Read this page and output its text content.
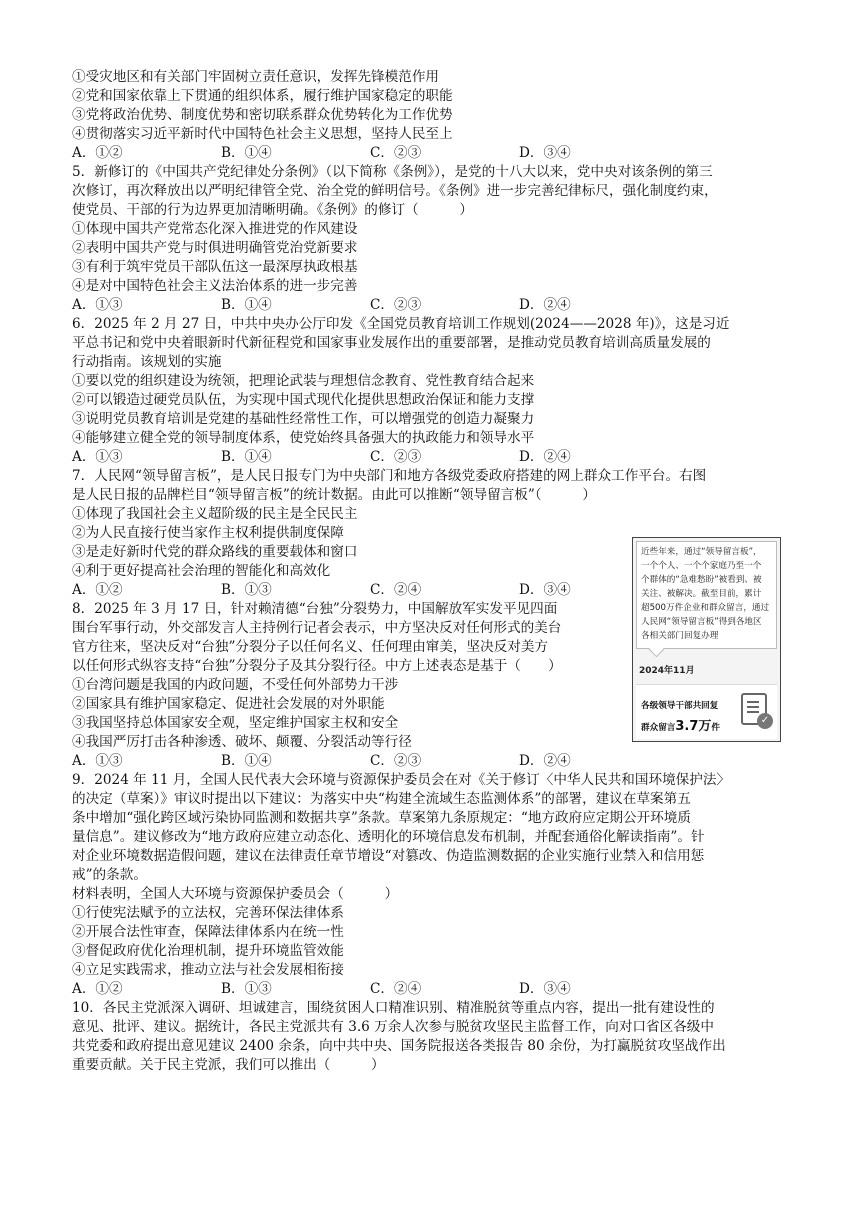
①受灾地区和有关部门牢固树立责任意识，发挥先锋模范作用
②党和国家依靠上下贯通的组织体系，履行维护国家稳定的职能
③党将政治优势、制度优势和密切联系群众优势转化为工作优势
④贯彻落实习近平新时代中国特色社会主义思想，坚持人民至上
A．①②	B．①④	C．②③	D．③④
5．新修订的《中国共产党纪律处分条例》（以下简称《条例》），是党的十八大以来，党中央对该条例的第三
次修订，再次释放出以严明纪律管全党、治全党的鲜明信号。《条例》进一步完善纪律标尺，强化制度约束，
使党员、干部的行为边界更加清晰明确。《条例》的修订（　　　）
①体现中国共产党常态化深入推进党的作风建设
②表明中国共产党与时俱进明确管党治党新要求
③有利于筑牢党员干部队伍这一最深厚执政根基
④是对中国特色社会主义法治体系的进一步完善
A．①③	B．①④	C．②③	D．②④
6．2025 年 2 月 27 日，中共中央办公厅印发《全国党员教育培训工作规划(2024——2028 年)》，这是习近
平总书记和党中央着眼新时代新征程党和国家事业发展作出的重要部署，是推动党员教育培训高质量发展的
行动指南。该规划的实施
①要以党的组织建设为统领，把理论武装与理想信念教育、党性教育结合起来
②可以锻造过硬党员队伍，为实现中国式现代化提供思想政治保证和能力支撑
③说明党员教育培训是党建的基础性经常性工作，可以增强党的创造力凝聚力
④能够建立健全党的领导制度体系，使党始终具备强大的执政能力和领导水平
A．①③	B．①④	C．②③	D．②④
7．人民网“领导留言板”，是人民日报专门为中央部门和地方各级党委政府搭建的网上群众工作平台。右图
是人民日报的品牌栏目“领导留言板”的统计数据。由此可以推断“领导留言板”（　　　）
①体现了我国社会主义超阶级的民主是全民民主
②为人民直接行使当家作主权利提供制度保障
③是走好新时代党的群众路线的重要载体和窗口
④利于更好提高社会治理的智能化和高效化
A．①②	B．①③	C．②④	D．③④
8．2025 年 3 月 17 日，针对赖清德“台独”分裂势力，中国解放军实发平见四面
围台军事行动，外交部发言人主持例行记者会表示，中方坚决反对任何形式的美台
官方往来，坚决反对“台独”分裂分子以任何名义、任何理由窜美，坚决反对美方
以任何形式纵容支持“台独”分裂分子及其分裂行径。中方上述表态是基于（　　）
①台湾问题是我国的内政问题，不受任何外部势力干涉
②国家具有维护国家稳定、促进社会发展的对外职能
③我国坚持总体国家安全观，坚定维护国家主权和安全
④我国严厉打击各种渗透、破坏、颠覆、分裂活动等行径
A．①③	B．①④	C．②③	D．②④
9．2024 年 11 月，全国人民代表大会环境与资源保护委员会在对《关于修订〈中华人民共和国环境保护法〉
的决定（草案）》审议时提出以下建议：为落实中央“构建全流域生态监测体系”的部署，建议在草案第五
条中增加“强化跨区域污染协同监测和数据共享”条款。草案第九条原规定：“地方政府应定期公开环境质
量信息”。建议修改为“地方政府应建立动态化、透明化的环境信息发布机制，并配套通俗化解读指南”。针
对企业环境数据造假问题，建议在法律责任章节增设“对篡改、伪造监测数据的企业实施行业禁入和信用惩
戒”的条款。
材料表明，全国人大环境与资源保护委员会（　　　）
①行使宪法赋予的立法权，完善环保法律体系
②开展合法性审查，保障法律体系内在统一性
③督促政府优化治理机制，提升环境监管效能
④立足实践需求，推动立法与社会发展相衔接
A．①②	B．①③	C．②④	D．③④
10．各民主党派深入调研、坦诚建言，围绕贫困人口精准识别、精准脱贫等重点内容，提出一批有建设性的
意见、批评、建议。据统计，各民主党派共有 3.6 万余人次参与脱贫攻坚民主监督工作，向对口省区各级中
共党委和政府提出意见建议 2400 余条，向中共中央、国务院报送各类报告 80 余份，为打赢脱贫攻坚战作出
重要贡献。关于民主党派，我们可以推出（　　　）
近些年来，通过“领导留言板”，
一个个人、一个个家庭乃至一个
个群体的“急难愁盼”被看到、被
关注、被解决。截至目前，累计
超500万件企业和群众留言，通过
人民网“领导留言板”得到各地区
各相关部门回复办理
2024年11月
各级领导干部共回复
群众留言3.7万件
✓
